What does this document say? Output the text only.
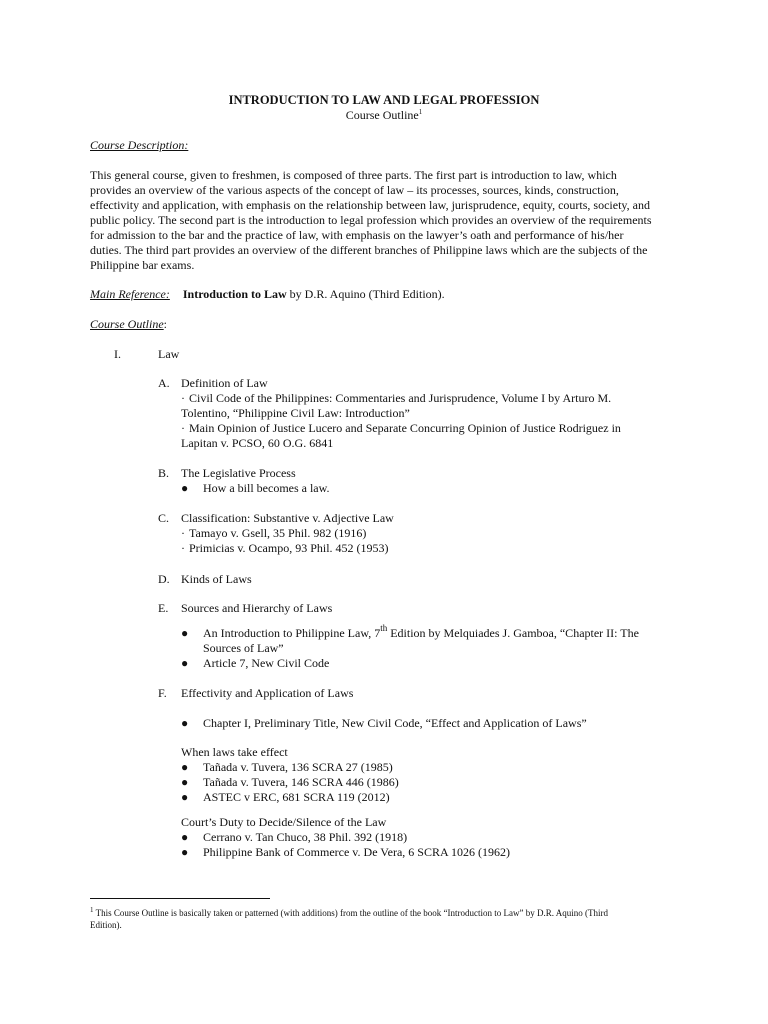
INTRODUCTION TO LAW AND LEGAL PROFESSION
Course Outline$^1$
Course Description:
This general course, given to freshmen, is composed of three parts. The first part is introduction to law, which
provides an overview of the various aspects of the concept of law – its processes, sources, kinds, construction,
effectivity and application, with emphasis on the relationship between law, jurisprudence, equity, courts, society, and
public policy. The second part is the introduction to legal profession which provides an overview of the requirements
for admission to the bar and the practice of law, with emphasis on the lawyer’s oath and performance of his/her
duties. The third part provides an overview of the different branches of Philippine laws which are the subjects of the
Philippine bar exams.
Main Reference: Introduction to Law by D.R. Aquino (Third Edition).
Course Outline:
I.	Law
A. Definition of Law
· Civil Code of the Philippines: Commentaries and Jurisprudence, Volume I by Arturo M.
Tolentino, “Philippine Civil Law: Introduction”
· Main Opinion of Justice Lucero and Separate Concurring Opinion of Justice Rodriguez in
Lapitan v. PCSO, 60 O.G. 6841
B. The Legislative Process
● How a bill becomes a law.
C. Classification: Substantive v. Adjective Law
· Tamayo v. Gsell, 35 Phil. 982 (1916)
· Primicias v. Ocampo, 93 Phil. 452 (1953)
D. Kinds of Laws
E. Sources and Hierarchy of Laws
● An Introduction to Philippine Law, 7th Edition by Melquiades J. Gamboa, “Chapter II: The
Sources of Law”
● Article 7, New Civil Code
F. Effectivity and Application of Laws
● Chapter I, Preliminary Title, New Civil Code, “Effect and Application of Laws”
When laws take effect
● Tañada v. Tuvera, 136 SCRA 27 (1985)
● Tañada v. Tuvera, 146 SCRA 446 (1986)
● ASTEC v ERC, 681 SCRA 119 (2012)
Court’s Duty to Decide/Silence of the Law
● Cerrano v. Tan Chuco, 38 Phil. 392 (1918)
● Philippine Bank of Commerce v. De Vera, 6 SCRA 1026 (1962)
$^1$ This Course Outline is basically taken or patterned (with additions) from the outline of the book “Introduction to Law” by D.R. Aquino (Third
Edition).
